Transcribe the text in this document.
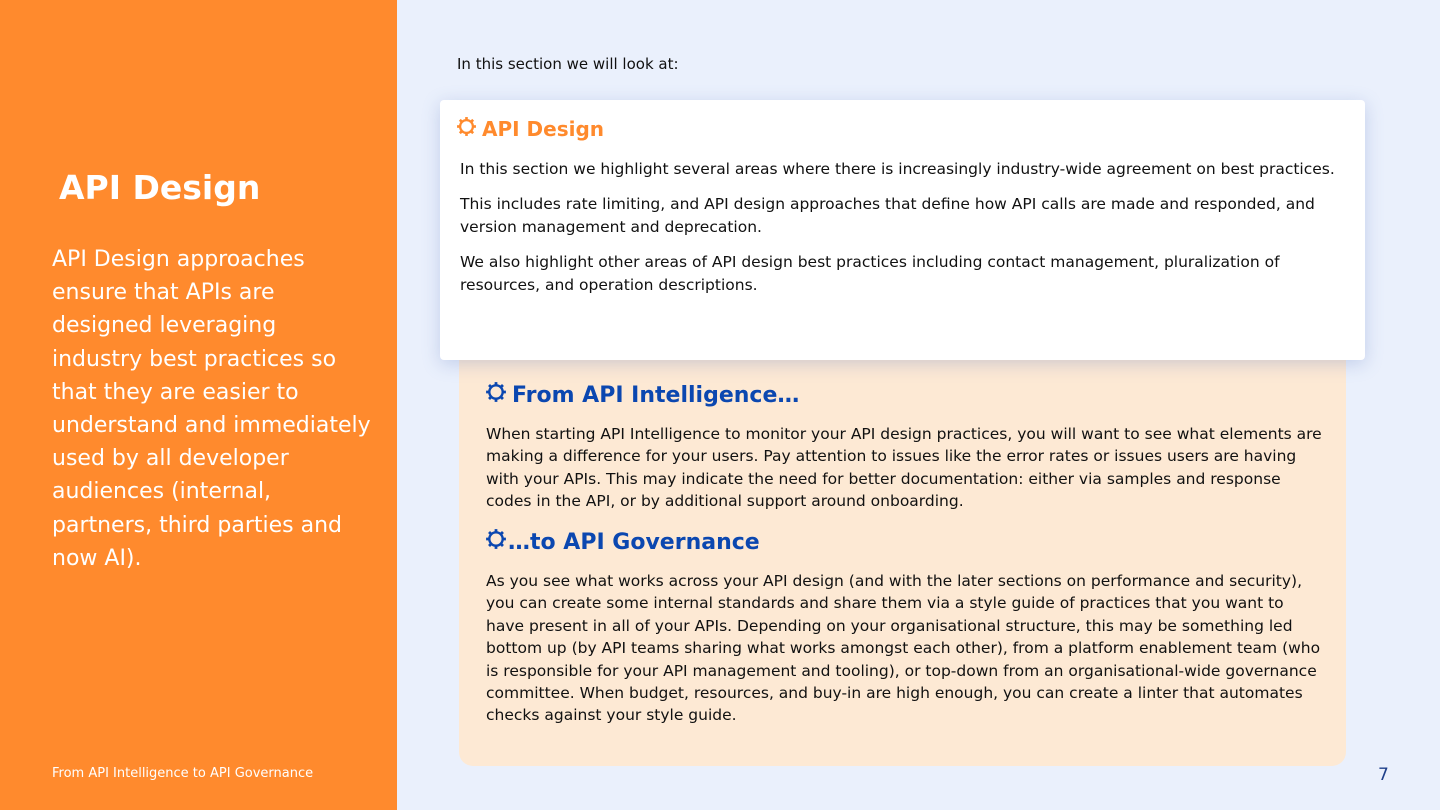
API Design

API Design approaches ensure that APIs are designed leveraging industry best practices so that they are easier to understand and immediately used by all developer audiences (internal, partners, third parties and now AI).

From API Intelligence to API Governance
In this section we will look at:
API Design

In this section we highlight several areas where there is increasingly industry-wide agreement on best practices.

This includes rate limiting, and API design approaches that define how API calls are made and responded, and version management and deprecation.

We also highlight other areas of API design best practices including contact management, pluralization of resources, and operation descriptions.

From API Intelligence…

When starting API Intelligence to monitor your API design practices, you will want to see what elements are making a difference for your users. Pay attention to issues like the error rates or issues users are having with your APIs. This may indicate the need for better documentation: either via samples and response codes in the API, or by additional support around onboarding.

…to API Governance

As you see what works across your API design (and with the later sections on performance and security), you can create some internal standards and share them via a style guide of practices that you want to have present in all of your APIs. Depending on your organisational structure, this may be something led bottom up (by API teams sharing what works amongst each other), from a platform enablement team (who is responsible for your API management and tooling), or top-down from an organisational-wide governance committee. When budget, resources, and buy-in are high enough, you can create a linter that automates checks against your style guide.

7
